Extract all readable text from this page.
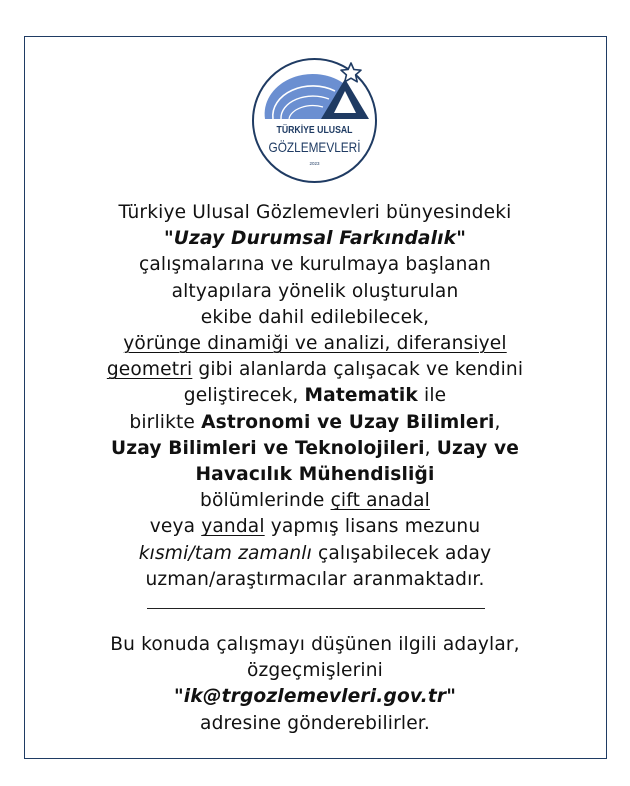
TÜRKİYE ULUSAL
GÖZLEMEVLERİ
2023
Türkiye Ulusal Gözlemevleri bünyesindeki
"Uzay Durumsal Farkındalık"
çalışmalarına ve kurulmaya başlanan
altyapılara yönelik oluşturulan
ekibe dahil edilebilecek,
yörünge dinamiği ve analizi, diferansiyel
geometri gibi alanlarda çalışacak ve kendini
geliştirecek, Matematik ile
birlikte Astronomi ve Uzay Bilimleri,
Uzay Bilimleri ve Teknolojileri, Uzay ve
Havacılık Mühendisliği
bölümlerinde çift anadal
veya yandal yapmış lisans mezunu
kısmi/tam zamanlı çalışabilecek aday
uzman/araştırmacılar aranmaktadır.
Bu konuda çalışmayı düşünen ilgili adaylar,
özgeçmişlerini
"ik@trgozlemevleri.gov.tr"
adresine gönderebilirler.
